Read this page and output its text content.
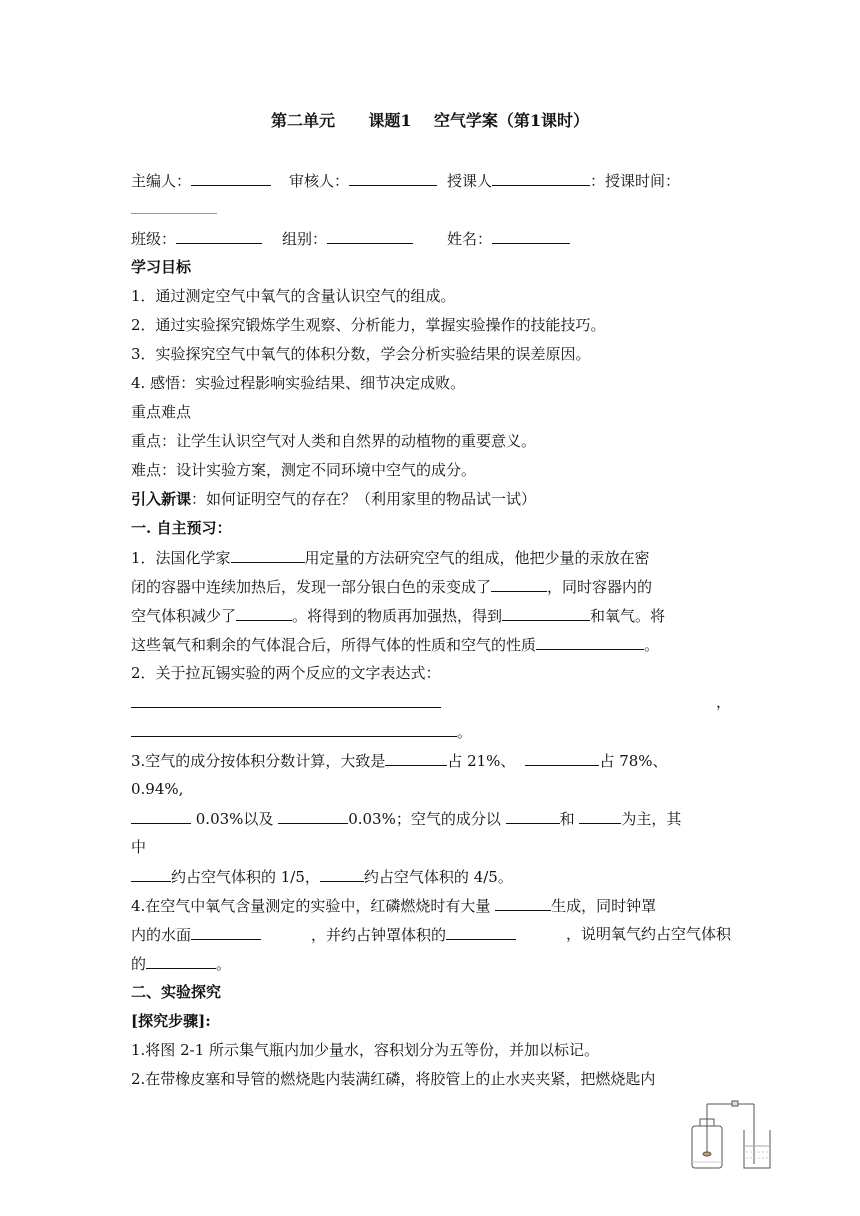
第二单元      课题1    空气学案（第1课时）
主编人：	审核人：	授课人	：授课时间：
班级：	组别：	姓名：
学习目标
1．通过测定空气中氧气的含量认识空气的组成。
2．通过实验探究锻炼学生观察、分析能力，掌握实验操作的技能技巧。
3．实验探究空气中氧气的体积分数，学会分析实验结果的误差原因。
4. 感悟：实验过程影响实验结果、细节决定成败。
重点难点
重点：让学生认识空气对人类和自然界的动植物的重要意义。
难点：设计实验方案，测定不同环境中空气的成分。
引入新课：如何证明空气的存在？（利用家里的物品试一试）
一. 自主预习：
1．法国化学家	用定量的方法研究空气的组成，他把少量的汞放在密
闭的容器中连续加热后，发现一部分银白色的汞变成了	，同时容器内的
空气体积减少了	。将得到的物质再加强热，得到	和氧气。将
这些氧气和剩余的气体混合后，所得气体的性质和空气的性质	。
2．关于拉瓦锡实验的两个反应的文字表达式：
，
。
3.空气的成分按体积分数计算，大致是	占 21%、	占 78%、
0.94%,
0.03%以及	0.03%；空气的成分以	和	为主，其
中
约占空气体积的 1/5，	约占空气体积的 4/5。
4.在空气中氧气含量测定的实验中，红磷燃烧时有大量	生成，同时钟罩
内的水面	，并约占钟罩体积的	，说明氧气约占空气体积
的	。
二、实验探究
[探究步骤]:
1.将图 2-1 所示集气瓶内加少量水，容积划分为五等份，并加以标记。
2.在带橡皮塞和导管的燃烧匙内装满红磷，将胶管上的止水夹夹紧，把燃烧匙内
